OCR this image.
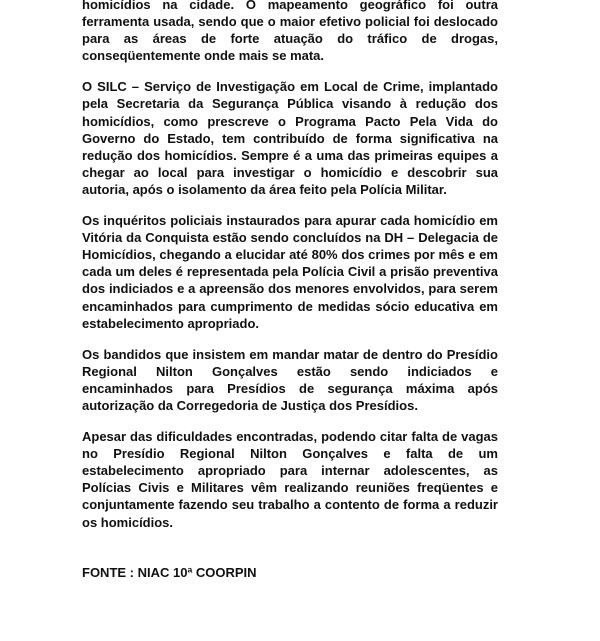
homicídios na cidade. O mapeamento geográfico foi outra ferramenta usada, sendo que o maior efetivo policial foi deslocado para as áreas de forte atuação do tráfico de drogas, conseqüentemente onde mais se mata.

O SILC – Serviço de Investigação em Local de Crime, implantado pela Secretaria da Segurança Pública visando à redução dos homicídios, como prescreve o Programa Pacto Pela Vida do Governo do Estado, tem contribuído de forma significativa na redução dos homicídios. Sempre é a uma das primeiras equipes a chegar ao local para investigar o homicídio e descobrir sua autoria, após o isolamento da área feito pela Polícia Militar.

Os inquéritos policiais instaurados para apurar cada homicídio em Vitória da Conquista estão sendo concluídos na DH – Delegacia de Homicídios, chegando a elucidar até 80% dos crimes por mês e em cada um deles é representada pela Polícia Civil a prisão preventiva dos indiciados e a apreensão dos menores envolvidos, para serem encaminhados para cumprimento de medidas sócio educativa em estabelecimento apropriado.

Os bandidos que insistem em mandar matar de dentro do Presídio Regional Nilton Gonçalves estão sendo indiciados e encaminhados para Presídios de segurança máxima após autorização da Corregedoria de Justiça dos Presídios.

Apesar das dificuldades encontradas, podendo citar falta de vagas no Presídio Regional Nilton Gonçalves e falta de um estabelecimento apropriado para internar adolescentes, as Polícias Civis e Militares vêm realizando reuniões freqüentes e conjuntamente fazendo seu trabalho a contento de forma a reduzir os homicídios.

FONTE : NIAC 10ª COORPIN
